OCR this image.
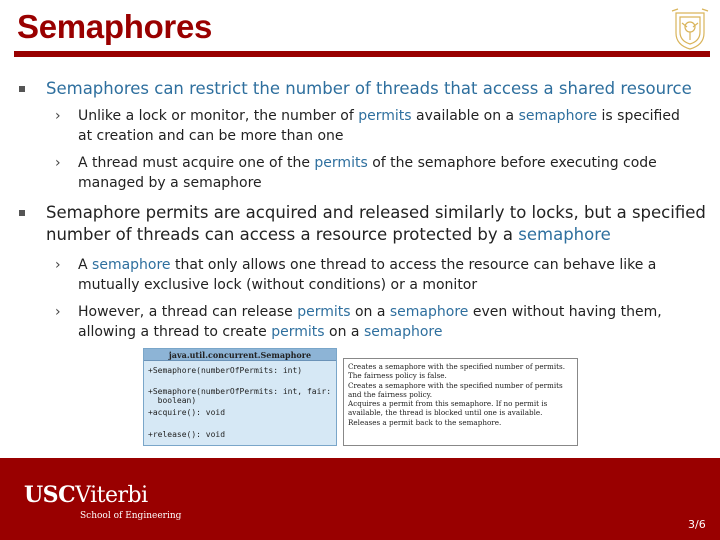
Semaphores
Semaphores can restrict the number of threads that access a shared resource
› Unlike a lock or monitor, the number of permits available on a semaphore is specified at creation and can be more than one
› A thread must acquire one of the permits of the semaphore before executing code managed by a semaphore
Semaphore permits are acquired and released similarly to locks, but a specified number of threads can access a resource protected by a semaphore
› A semaphore that only allows one thread to access the resource can behave like a mutually exclusive lock (without conditions) or a monitor
› However, a thread can release permits on a semaphore even without having them, allowing a thread to create permits on a semaphore
java.util.concurrent.Semaphore
+Semaphore(numberOfPermits: int)
+Semaphore(numberOfPermits: int, fair:
boolean)
+acquire(): void
+release(): void
Creates a semaphore with the specified number of permits. The fairness policy is false.
Creates a semaphore with the specified number of permits and the fairness policy.
Acquires a permit from this semaphore. If no permit is available, the thread is blocked until one is available.
Releases a permit back to the semaphore.
USCViterbi
School of Engineering
3/6
